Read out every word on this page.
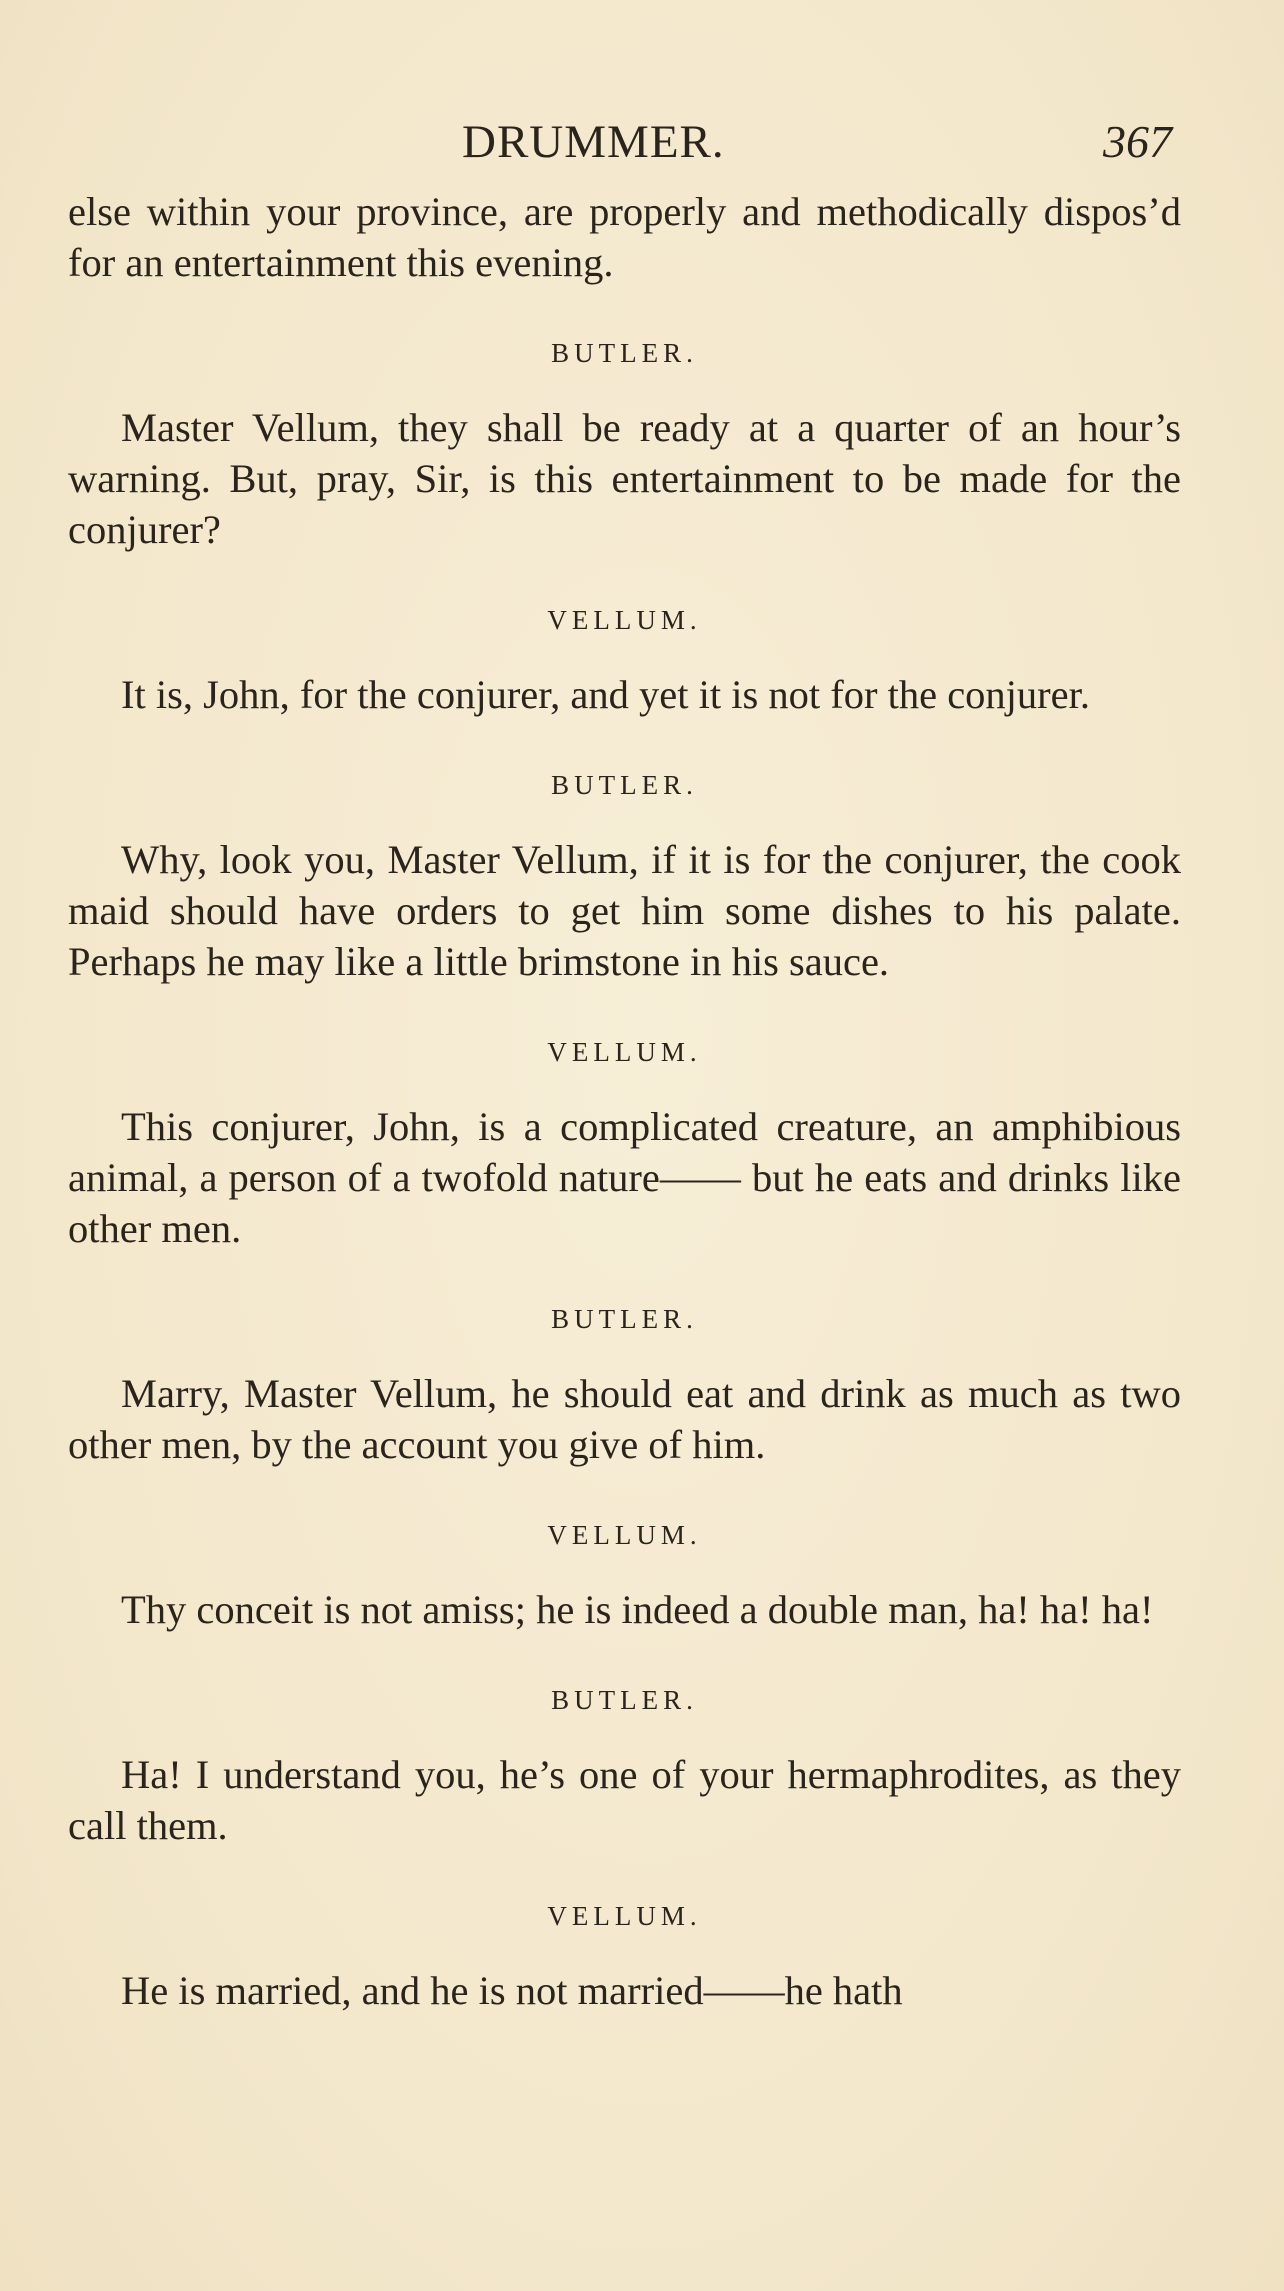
DRUMMER.	367

else within your province, are properly and methodically dispos’d for an entertainment this evening.

BUTLER.

Master Vellum, they shall be ready at a quarter of an hour’s warning. But, pray, Sir, is this entertainment to be made for the conjurer?

VELLUM.

It is, John, for the conjurer, and yet it is not for the conjurer.

BUTLER.

Why, look you, Master Vellum, if it is for the conjurer, the cook maid should have orders to get him some dishes to his palate. Perhaps he may like a little brimstone in his sauce.

VELLUM.

This conjurer, John, is a complicated creature, an amphibious animal, a person of a twofold nature—— but he eats and drinks like other men.

BUTLER.

Marry, Master Vellum, he should eat and drink as much as two other men, by the account you give of him.

VELLUM.

Thy conceit is not amiss; he is indeed a double man, ha! ha! ha!

BUTLER.

Ha! I understand you, he’s one of your hermaphrodites, as they call them.

VELLUM.

He is married, and he is not married——he hath
